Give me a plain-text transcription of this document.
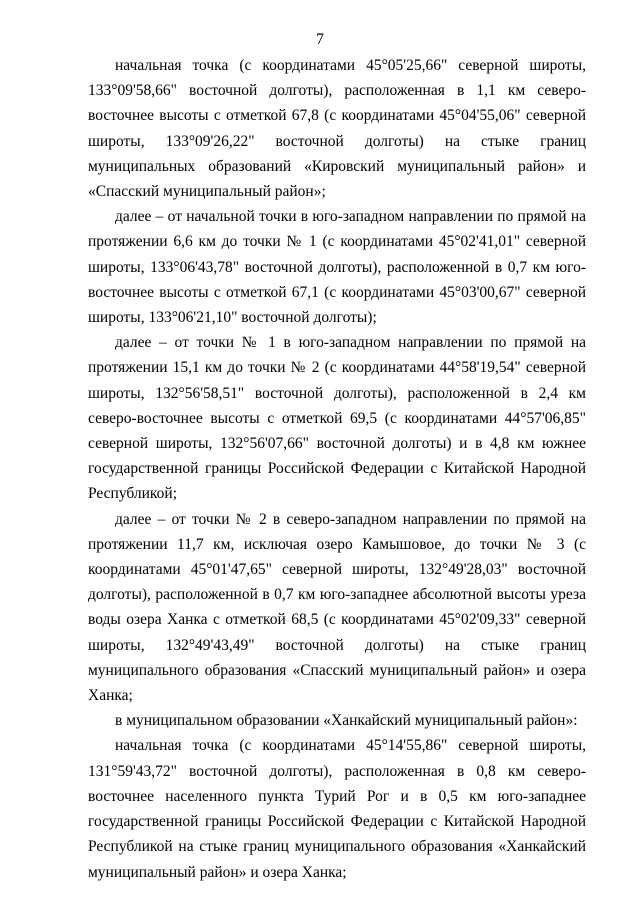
7

начальная точка (с координатами 45°05'25,66" северной широты, 133°09'58,66" восточной долготы), расположенная в 1,1 км северо-восточнее высоты с отметкой 67,8 (с координатами 45°04'55,06" северной широты, 133°09'26,22" восточной долготы) на стыке границ муниципальных образований «Кировский муниципальный район» и «Спасский муниципальный район»;

далее – от начальной точки в юго-западном направлении по прямой на протяжении 6,6 км до точки № 1 (с координатами 45°02'41,01" северной широты, 133°06'43,78" восточной долготы), расположенной в 0,7 км юго-восточнее высоты с отметкой 67,1 (с координатами 45°03'00,67" северной широты, 133°06'21,10" восточной долготы);

далее – от точки № 1 в юго-западном направлении по прямой на протяжении 15,1 км до точки № 2 (с координатами 44°58'19,54" северной широты, 132°56'58,51" восточной долготы), расположенной в 2,4 км северо-восточнее высоты с отметкой 69,5 (с координатами 44°57'06,85" северной широты, 132°56'07,66" восточной долготы) и в 4,8 км южнее государственной границы Российской Федерации с Китайской Народной Республикой;

далее – от точки № 2 в северо-западном направлении по прямой на протяжении 11,7 км, исключая озеро Камышовое, до точки № 3 (с координатами 45°01'47,65" северной широты, 132°49'28,03" восточной долготы), расположенной в 0,7 км юго-западнее абсолютной высоты уреза воды озера Ханка с отметкой 68,5 (с координатами 45°02'09,33" северной широты, 132°49'43,49" восточной долготы) на стыке границ муниципального образования «Спасский муниципальный район» и озера Ханка;

в муниципальном образовании «Ханкайский муниципальный район»:

начальная точка (с координатами 45°14'55,86" северной широты, 131°59'43,72" восточной долготы), расположенная в 0,8 км северо-восточнее населенного пункта Турий Рог и в 0,5 км юго-западнее государственной границы Российской Федерации с Китайской Народной Республикой на стыке границ муниципального образования «Ханкайский муниципальный район» и озера Ханка;
